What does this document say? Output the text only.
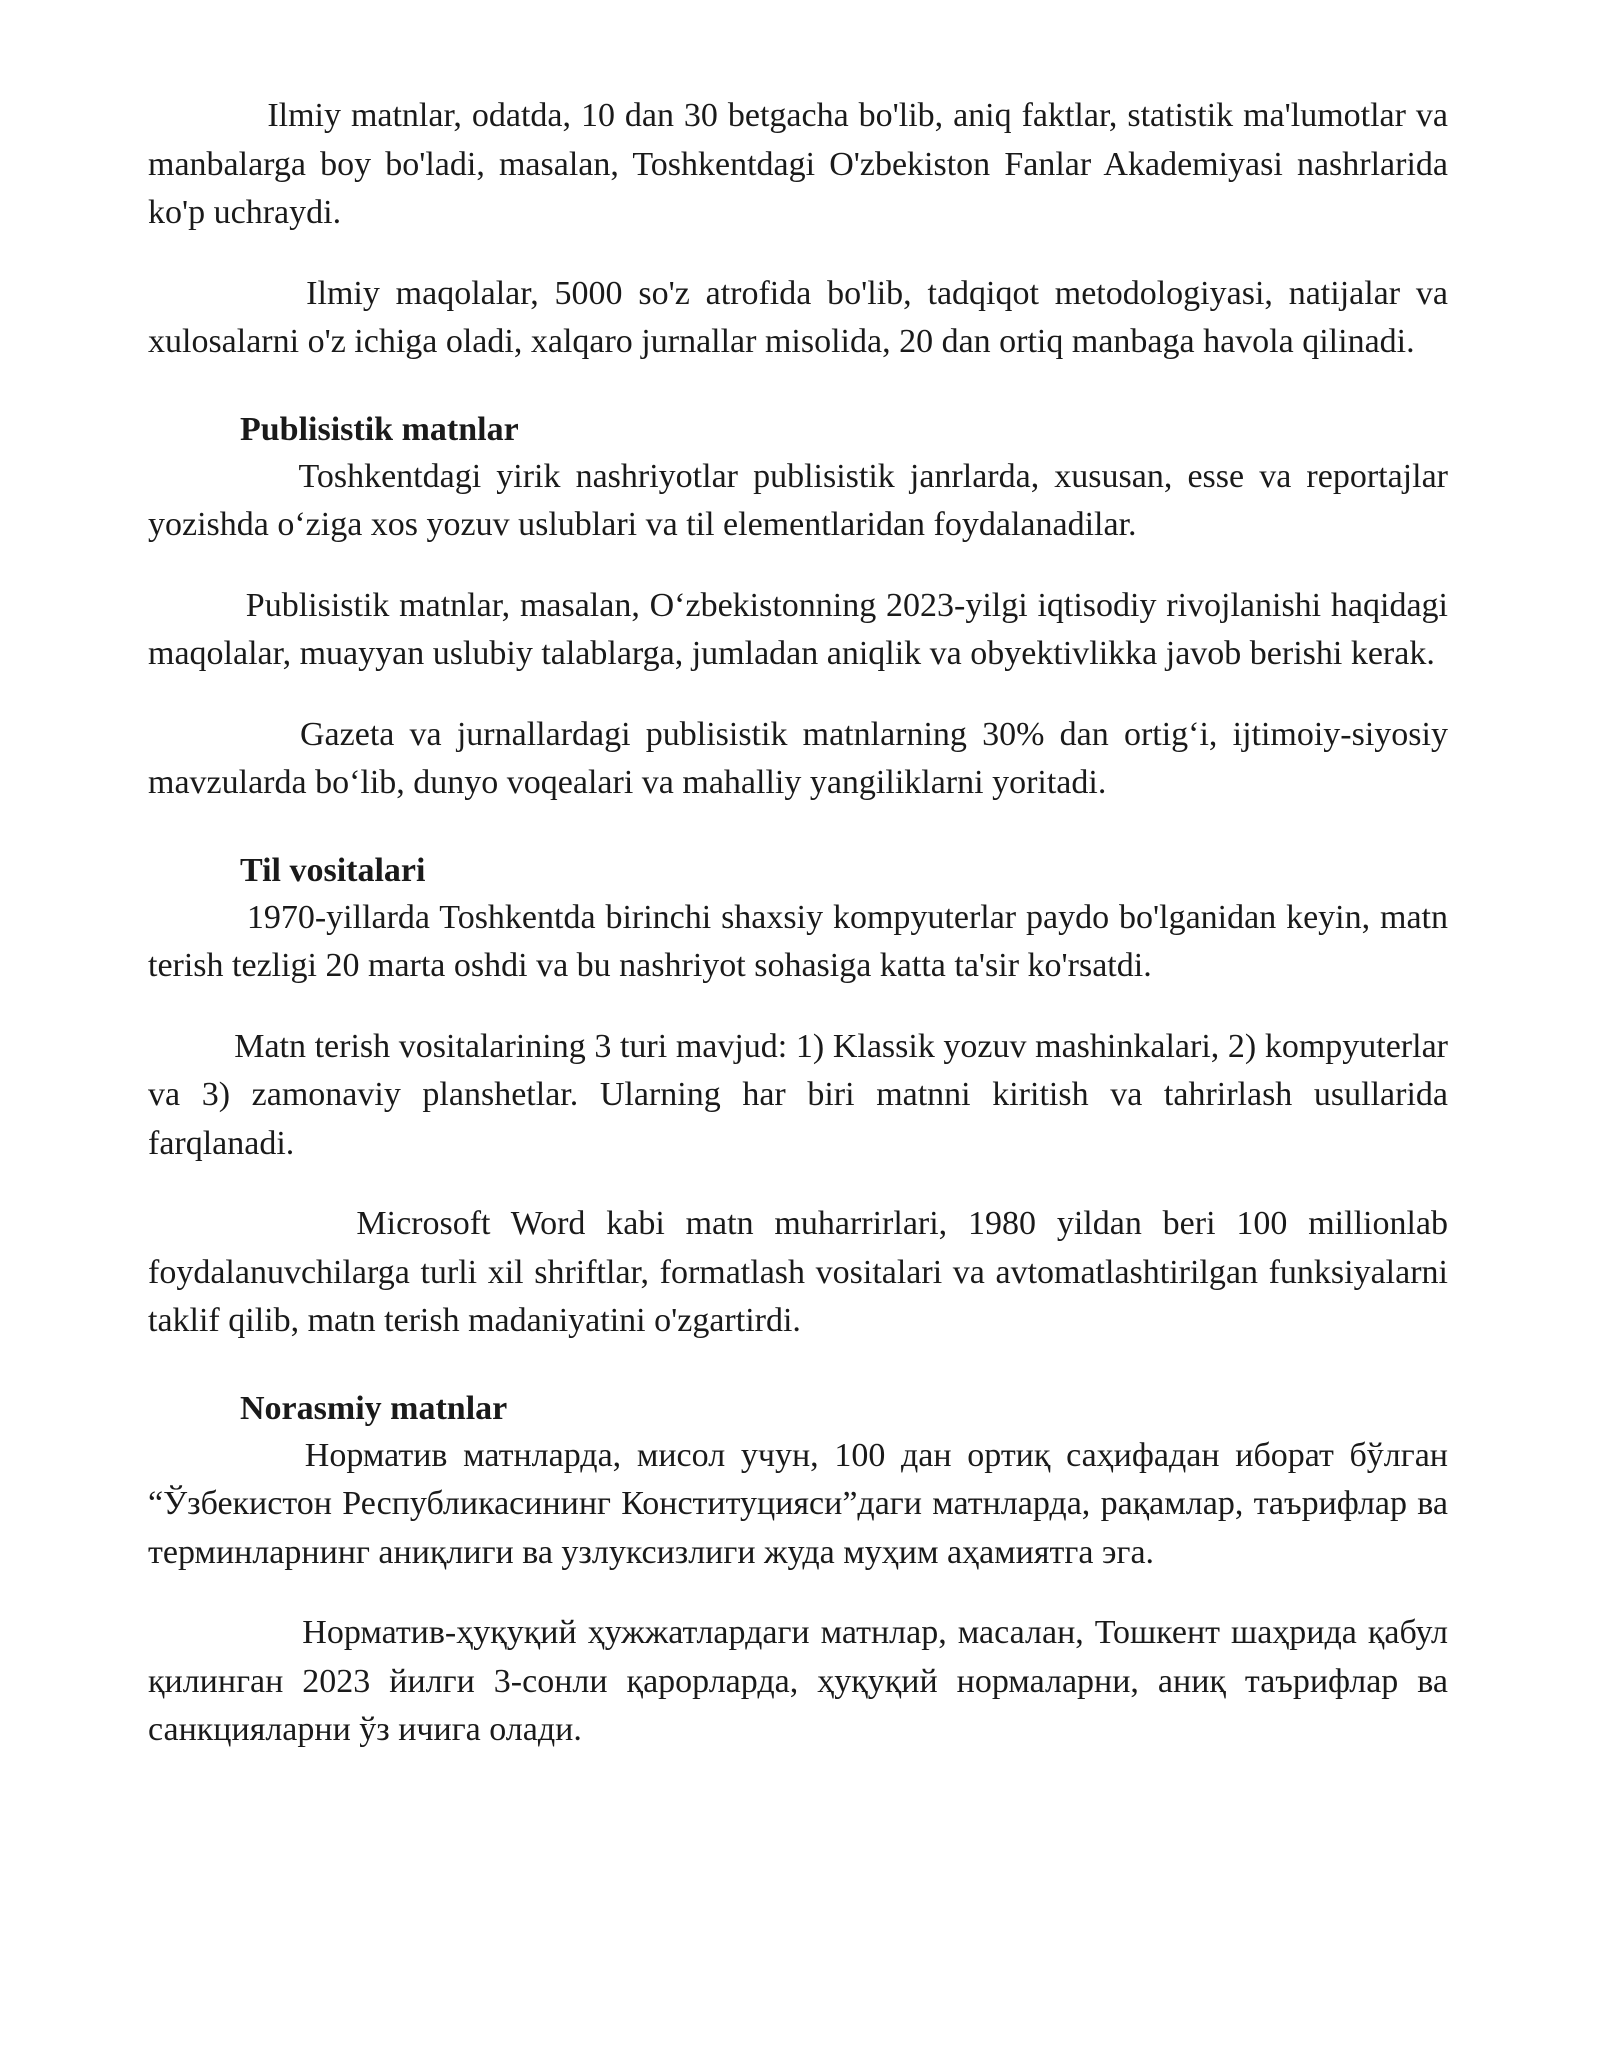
Ilmiy matnlar, odatda, 10 dan 30 betgacha bo'lib, aniq faktlar, statistik ma'lumotlar va manbalarga boy bo'ladi, masalan, Toshkentdagi O'zbekiston Fanlar Akademiyasi nashrlarida ko'p uchraydi.

Ilmiy maqolalar, 5000 so'z atrofida bo'lib, tadqiqot metodologiyasi, natijalar va xulosalarni o'z ichiga oladi, xalqaro jurnallar misolida, 20 dan ortiq manbaga havola qilinadi.

Publisistik matnlar

Toshkentdagi yirik nashriyotlar publisistik janrlarda, xususan, esse va reportajlar yozishda o‘ziga xos yozuv uslublari va til elementlaridan foydalanadilar.

Publisistik matnlar, masalan, O‘zbekistonning 2023-yilgi iqtisodiy rivojlanishi haqidagi maqolalar, muayyan uslubiy talablarga, jumladan aniqlik va obyektivlikka javob berishi kerak.

Gazeta va jurnallardagi publisistik matnlarning 30% dan ortig‘i, ijtimoiy-siyosiy mavzularda bo‘lib, dunyo voqealari va mahalliy yangiliklarni yoritadi.

Til vositalari

1970-yillarda Toshkentda birinchi shaxsiy kompyuterlar paydo bo'lganidan keyin, matn terish tezligi 20 marta oshdi va bu nashriyot sohasiga katta ta'sir ko'rsatdi.

Matn terish vositalarining 3 turi mavjud: 1) Klassik yozuv mashinkalari, 2) kompyuterlar va 3) zamonaviy planshetlar. Ularning har biri matnni kiritish va tahrirlash usullarida farqlanadi.

Microsoft Word kabi matn muharrirlari, 1980 yildan beri 100 millionlab foydalanuvchilarga turli xil shriftlar, formatlash vositalari va avtomatlashtirilgan funksiyalarni taklif qilib, matn terish madaniyatini o'zgartirdi.

Norasmiy matnlar

Норматив матнларда, мисол учун, 100 дан ортиқ саҳифадан иборат бўлган “Ўзбекистон Республикасининг Конституцияси”даги матнларда, рақамлар, таърифлар ва терминларнинг аниқлиги ва узлуксизлиги жуда муҳим аҳамиятга эга.

Норматив-ҳуқуқий ҳужжатлардаги матнлар, масалан, Тошкент шаҳрида қабул қилинган 2023 йилги 3-сонли қарорларда, ҳуқуқий нормаларни, аниқ таърифлар ва санкцияларни ўз ичига олади.
